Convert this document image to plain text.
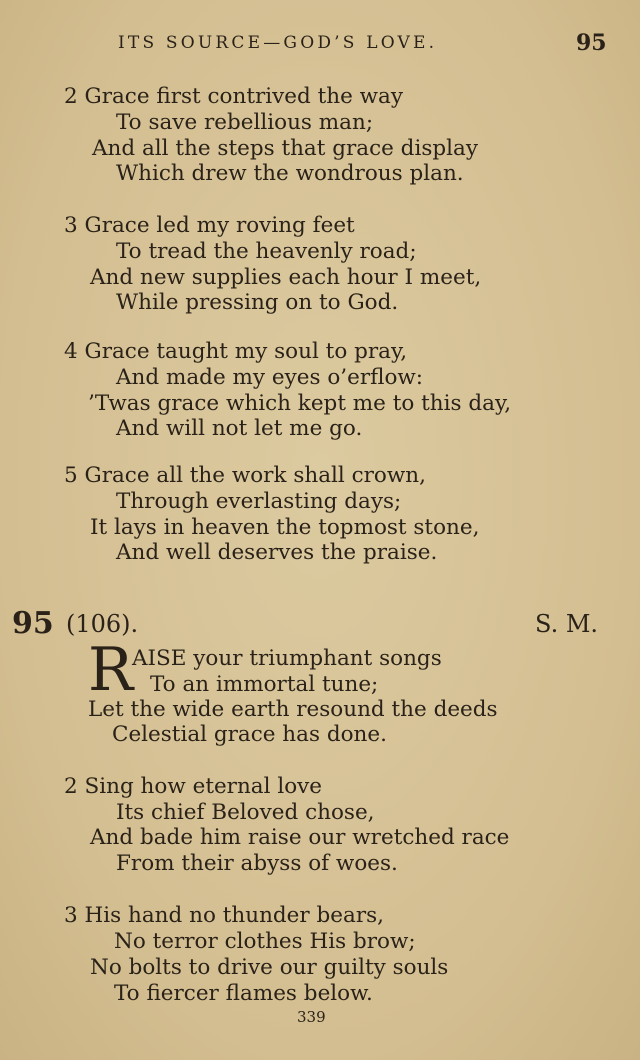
ITS SOURCE—GOD’S LOVE.	95
2 Grace first contrived the way
To save rebellious man;
And all the steps that grace display
Which drew the wondrous plan.
3 Grace led my roving feet
To tread the heavenly road;
And new supplies each hour I meet,
While pressing on to God.
4 Grace taught my soul to pray,
And made my eyes o’erflow:
’Twas grace which kept me to this day,
And will not let me go.
5 Grace all the work shall crown,
Through everlasting days;
It lays in heaven the topmost stone,
And well deserves the praise.
95 (106).	S. M.
R
AISE your triumphant songs
To an immortal tune;
Let the wide earth resound the deeds
Celestial grace has done.
2 Sing how eternal love
Its chief Beloved chose,
And bade him raise our wretched race
From their abyss of woes.
3 His hand no thunder bears,
No terror clothes His brow;
No bolts to drive our guilty souls
To fiercer flames below.
339
